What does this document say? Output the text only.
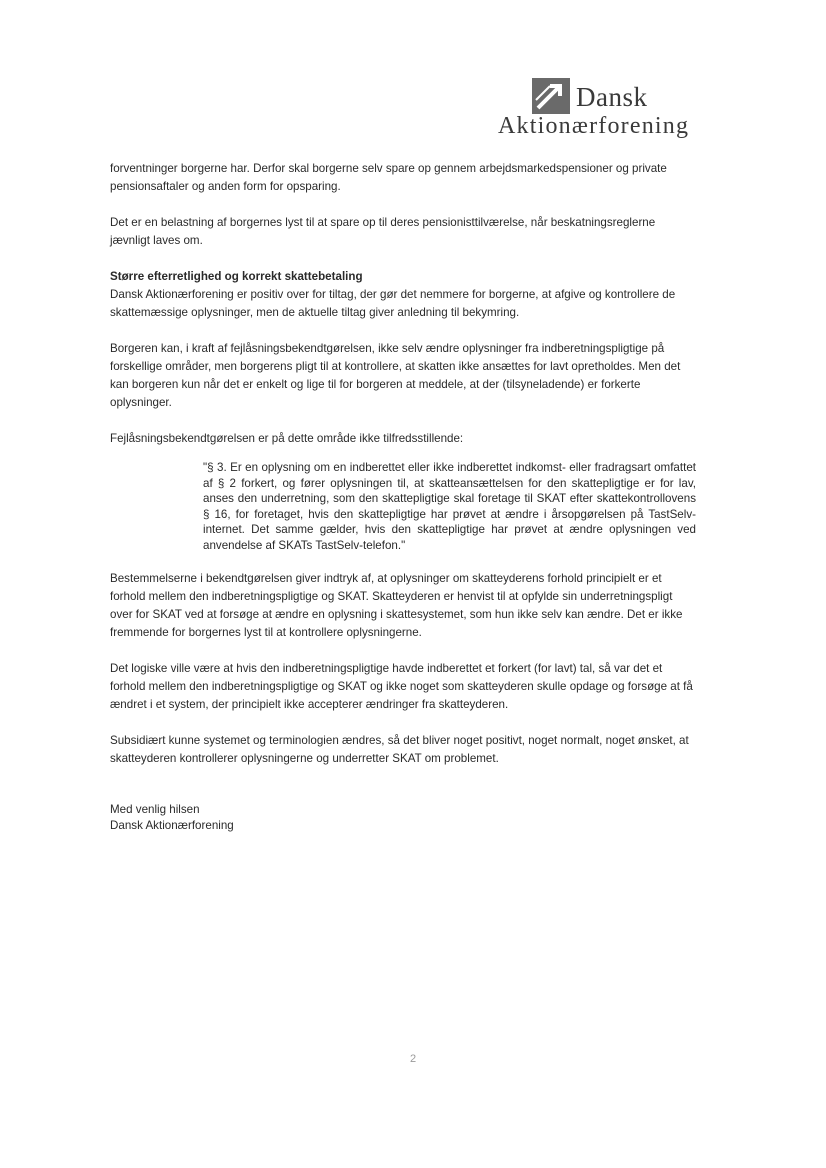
Dansk
Aktionærforening

forventninger borgerne har. Derfor skal borgerne selv spare op gennem arbejdsmarkedspensioner og private pensionsaftaler og anden form for opsparing.

Det er en belastning af borgernes lyst til at spare op til deres pensionisttilværelse, når beskatningsreglerne jævnligt laves om.

Større efterretlighed og korrekt skattebetaling
Dansk Aktionærforening er positiv over for tiltag, der gør det nemmere for borgerne, at afgive og kontrollere de skattemæssige oplysninger, men de aktuelle tiltag giver anledning til bekymring.

Borgeren kan, i kraft af fejlåsningsbekendtgørelsen, ikke selv ændre oplysninger fra indberetningspligtige på forskellige områder, men borgerens pligt til at kontrollere, at skatten ikke ansættes for lavt opretholdes. Men det kan borgeren kun når det er enkelt og lige til for borgeren at meddele, at der (tilsyneladende) er forkerte oplysninger.

Fejlåsningsbekendtgørelsen er på dette område ikke tilfredsstillende:

"§ 3. Er en oplysning om en indberettet eller ikke indberettet indkomst- eller fradragsart omfattet af § 2 forkert, og fører oplysningen til, at skatteansættelsen for den skattepligtige er for lav, anses den underretning, som den skattepligtige skal foretage til SKAT efter skattekontrollovens § 16, for foretaget, hvis den skattepligtige har prøvet at ændre i årsopgørelsen på TastSelv-internet. Det samme gælder, hvis den skattepligtige har prøvet at ændre oplysningen ved anvendelse af SKATs TastSelv-telefon."

Bestemmelserne i bekendtgørelsen giver indtryk af, at oplysninger om skatteyderens forhold principielt er et forhold mellem den indberetningspligtige og SKAT. Skatteyderen er henvist til at opfylde sin underretningspligt over for SKAT ved at forsøge at ændre en oplysning i skattesystemet, som hun ikke selv kan ændre. Det er ikke fremmende for borgernes lyst til at kontrollere oplysningerne.

Det logiske ville være at hvis den indberetningspligtige havde indberettet et forkert (for lavt) tal, så var det et forhold mellem den indberetningspligtige og SKAT og ikke noget som skatteyderen skulle opdage og forsøge at få ændret i et system, der principielt ikke accepterer ændringer fra skatteyderen.

Subsidiært kunne systemet og terminologien ændres, så det bliver noget positivt, noget normalt, noget ønsket, at skatteyderen kontrollerer oplysningerne og underretter SKAT om problemet.

Med venlig hilsen
Dansk Aktionærforening
2
